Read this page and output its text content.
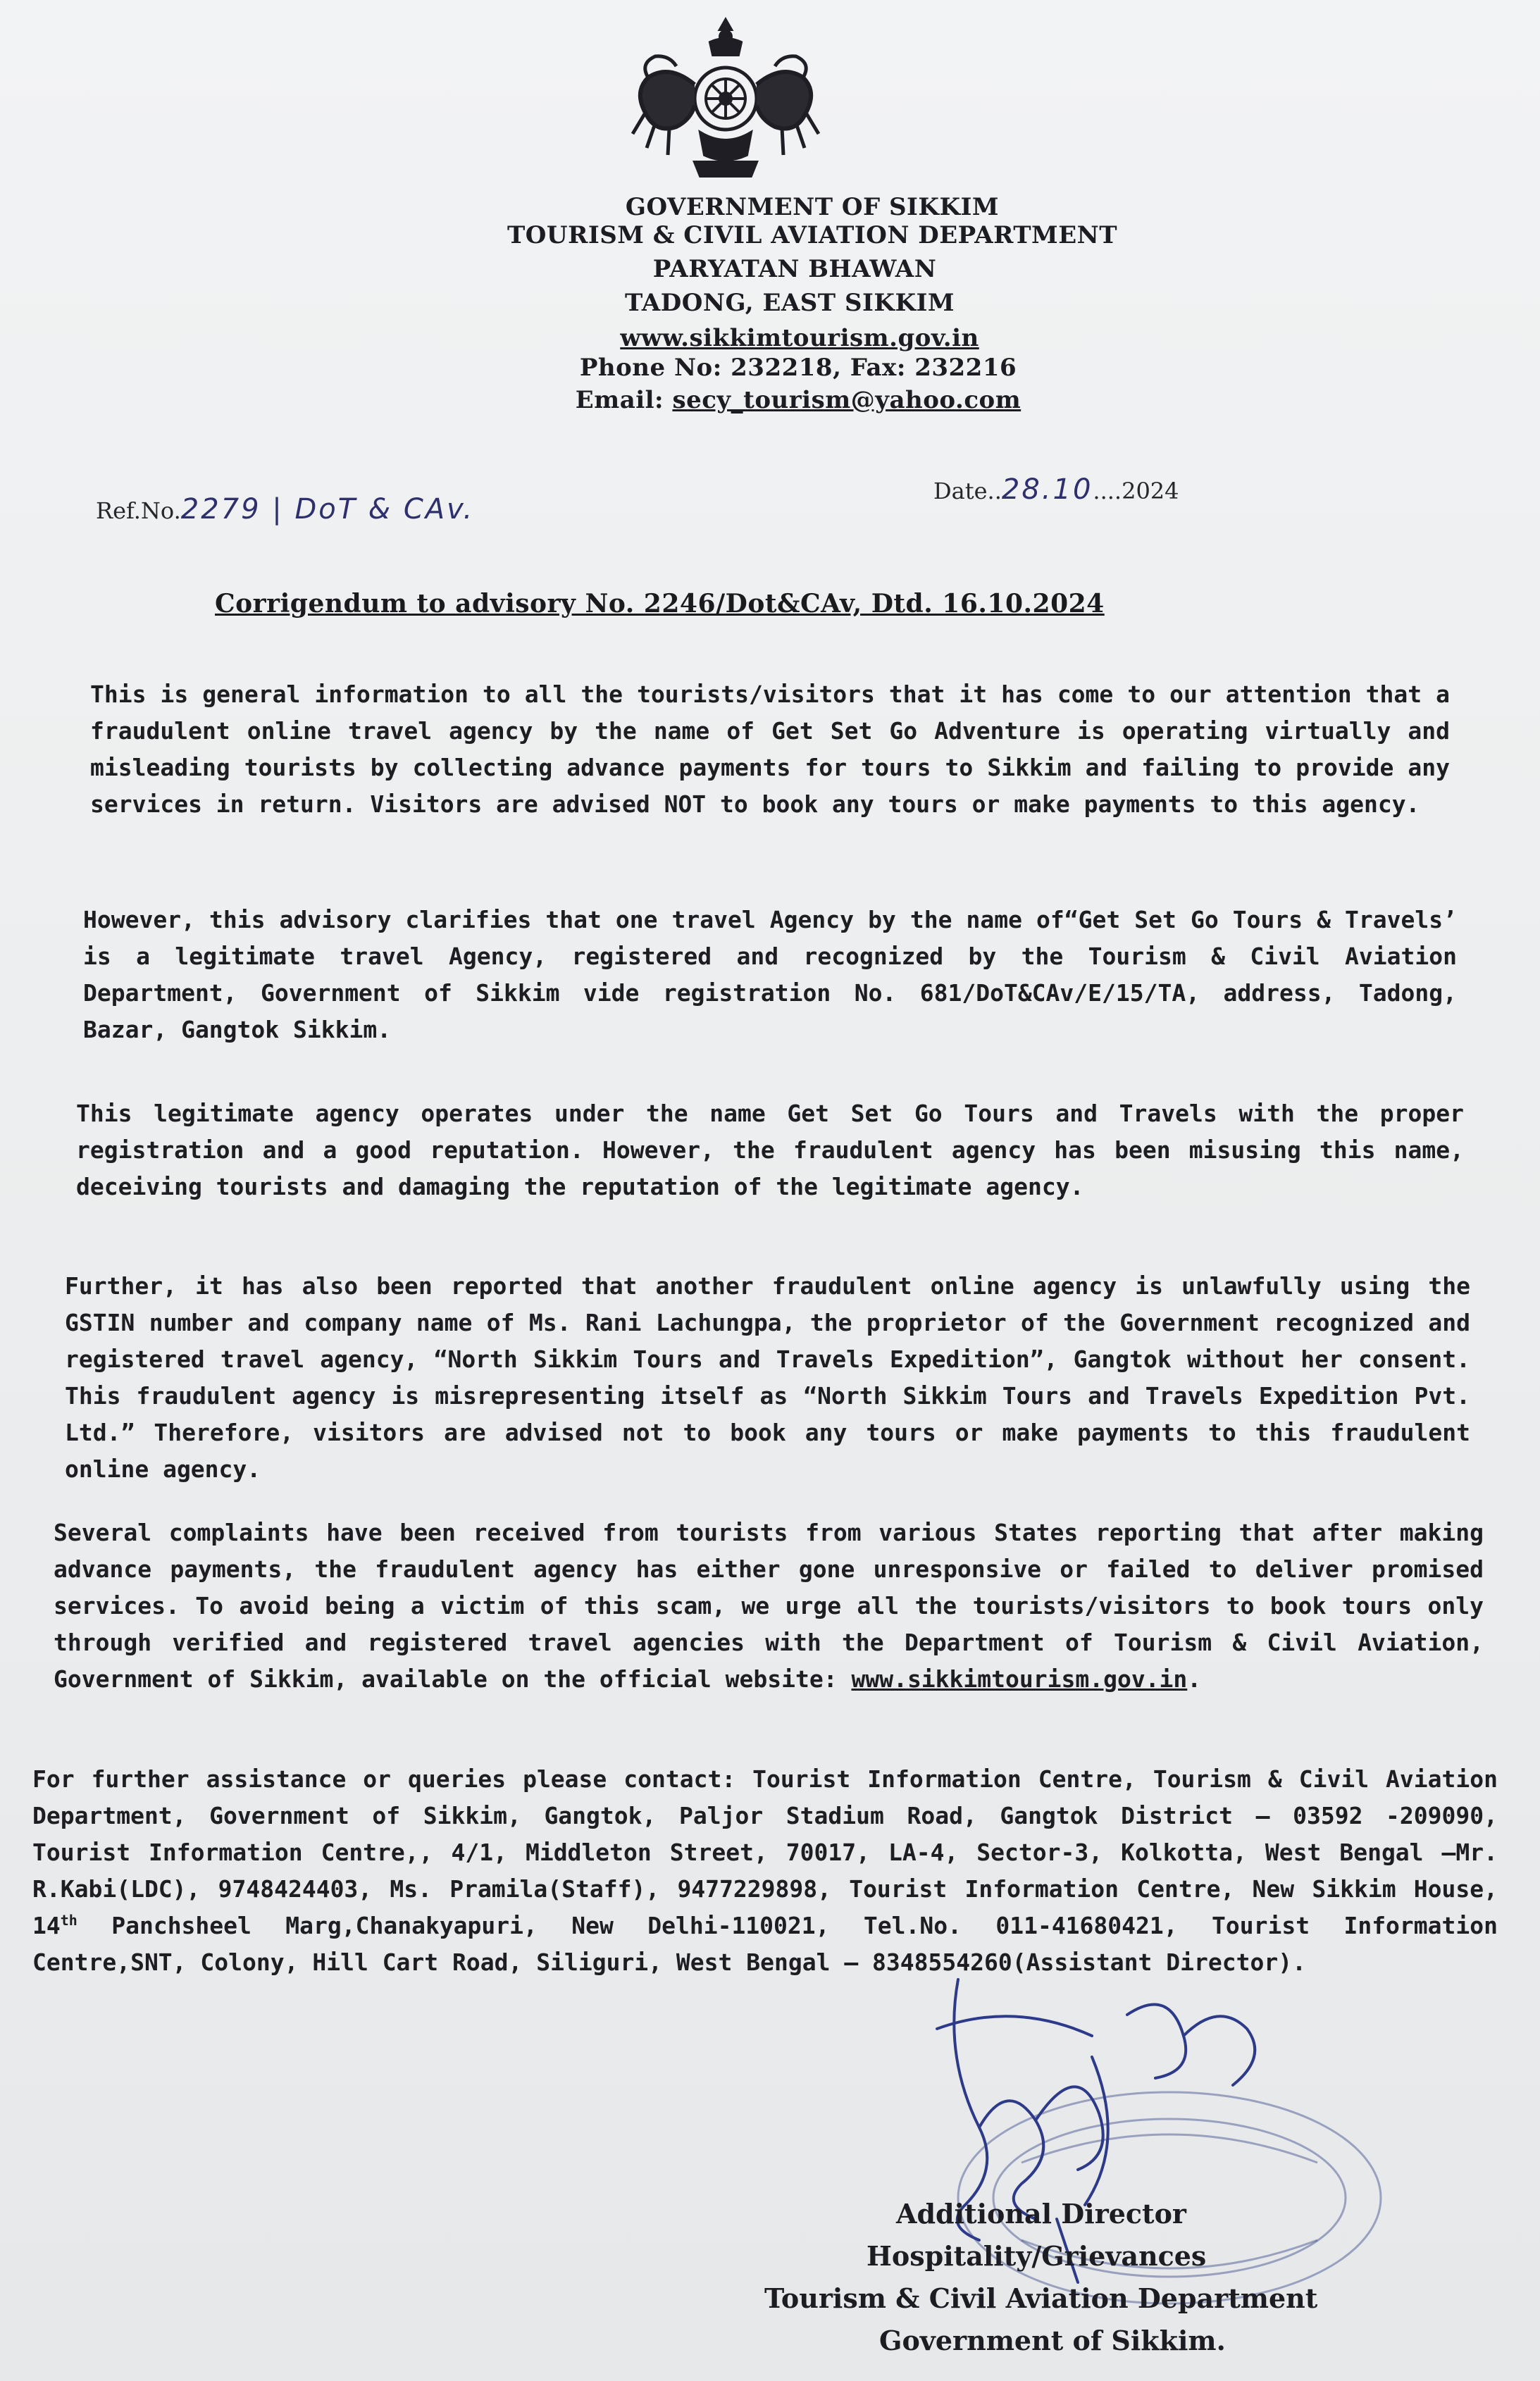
GOVERNMENT OF SIKKIM
TOURISM & CIVIL AVIATION DEPARTMENT
PARYATAN BHAWAN
TADONG, EAST SIKKIM
www.sikkimtourism.gov.in
Phone No: 232218, Fax: 232216
Email: secy_tourism@yahoo.com
Ref.No.2279 | DoT & CAv.
Date..28.10....2024
Corrigendum to advisory No. 2246/Dot&CAv, Dtd. 16.10.2024

This is general information to all the tourists/visitors that it has come to our attention that a fraudulent online travel agency by the name of Get Set Go Adventure is operating virtually and misleading tourists by collecting advance payments for tours to Sikkim and failing to provide any services in return. Visitors are advised NOT to book any tours or make payments to this agency.

However, this advisory clarifies that one travel Agency by the name of“Get Set Go Tours & Travels’ is a legitimate travel Agency, registered and recognized by the Tourism & Civil Aviation Department, Government of Sikkim vide registration No. 681/DoT&CAv/E/15/TA, address, Tadong, Bazar, Gangtok Sikkim.

This legitimate agency operates under the name Get Set Go Tours and Travels with the proper registration and a good reputation. However, the fraudulent agency has been misusing this name, deceiving tourists and damaging the reputation of the legitimate agency.

Further, it has also been reported that another fraudulent online agency is unlawfully using the GSTIN number and company name of Ms. Rani Lachungpa, the proprietor of the Government recognized and registered travel agency, “North Sikkim Tours and Travels Expedition”, Gangtok without her consent. This fraudulent agency is misrepresenting itself as “North Sikkim Tours and Travels Expedition Pvt. Ltd.” Therefore, visitors are advised not to book any tours or make payments to this fraudulent online agency.

Several complaints have been received from tourists from various States reporting that after making advance payments, the fraudulent agency has either gone unresponsive or failed to deliver promised services. To avoid being a victim of this scam, we urge all the tourists/visitors to book tours only through verified and registered travel agencies with the Department of Tourism & Civil Aviation, Government of Sikkim, available on the official website: www.sikkimtourism.gov.in.

For further assistance or queries please contact: Tourist Information Centre, Tourism & Civil Aviation Department, Government of Sikkim, Gangtok, Paljor Stadium Road, Gangtok District – 03592 -209090, Tourist Information Centre,, 4/1, Middleton Street, 70017, LA-4, Sector-3, Kolkotta, West Bengal –Mr. R.Kabi(LDC), 9748424403, Ms. Pramila(Staff), 9477229898, Tourist Information Centre, New Sikkim House, 14th Panchsheel Marg,Chanakyapuri, New Delhi-110021, Tel.No. 011-41680421, Tourist Information Centre,SNT, Colony, Hill Cart Road, Siliguri, West Bengal – 8348554260(Assistant Director).

Additional Director
Hospitality/Grievances
Tourism & Civil Aviation Department
Government of Sikkim.
